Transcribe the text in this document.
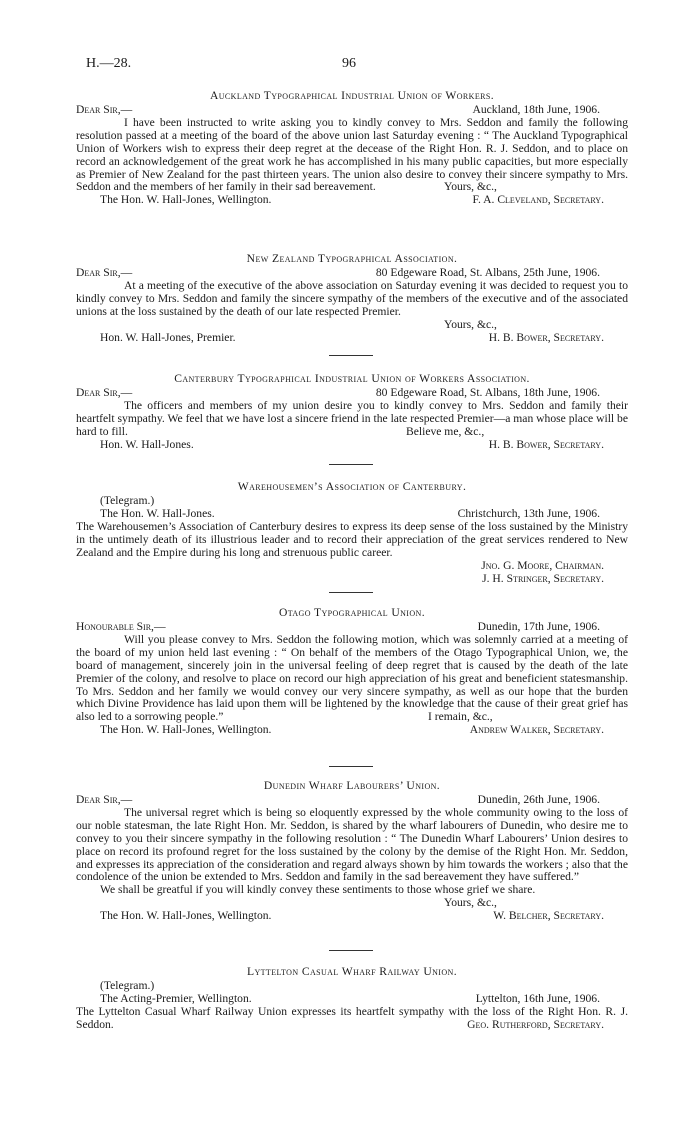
H.—28.	96
Auckland Typographical Industrial Union of Workers.
Dear Sir,—	Auckland, 18th June, 1906.
I have been instructed to write asking you to kindly convey to Mrs. Seddon and family the following resolution passed at a meeting of the board of the above union last Saturday evening : “ The Auckland Typographical Union of Workers wish to express their deep regret at the decease of the Right Hon. R. J. Seddon, and to place on record an acknowledgement of the great work he has accomplished in his many public capacities, but more especially as Premier of New Zealand for the past thirteen years. The union also desire to convey their sincere sympathy to Mrs. Seddon and the members of her family in their sad bereavement.	Yours, &c.,
The Hon. W. Hall-Jones, Wellington.	F. A. Cleveland, Secretary.
New Zealand Typographical Association.
Dear Sir,—	80 Edgeware Road, St. Albans, 25th June, 1906.
At a meeting of the executive of the above association on Saturday evening it was decided to request you to kindly convey to Mrs. Seddon and family the sincere sympathy of the members of the executive and of the associated unions at the loss sustained by the death of our late respected Premier.
Yours, &c.,
Hon. W. Hall-Jones, Premier.	H. B. Bower, Secretary.
Canterbury Typographical Industrial Union of Workers Association.
Dear Sir,—	80 Edgeware Road, St. Albans, 18th June, 1906.
The officers and members of my union desire you to kindly convey to Mrs. Seddon and family their heartfelt sympathy. We feel that we have lost a sincere friend in the late respected Premier—a man whose place will be hard to fill.	Believe me, &c.,
Hon. W. Hall-Jones.	H. B. Bower, Secretary.
Warehousemen’s Association of Canterbury.
(Telegram.)
The Hon. W. Hall-Jones.	Christchurch, 13th June, 1906.
The Warehousemen’s Association of Canterbury desires to express its deep sense of the loss sustained by the Ministry in the untimely death of its illustrious leader and to record their appreciation of the great services rendered to New Zealand and the Empire during his long and strenuous public career.
Jno. G. Moore, Chairman.
J. H. Stringer, Secretary.
Otago Typographical Union.
Honourable Sir,—	Dunedin, 17th June, 1906.
Will you please convey to Mrs. Seddon the following motion, which was solemnly carried at a meeting of the board of my union held last evening : “ On behalf of the members of the Otago Typographical Union, we, the board of management, sincerely join in the universal feeling of deep regret that is caused by the death of the late Premier of the colony, and resolve to place on record our high appreciation of his great and beneficient statesmanship. To Mrs. Seddon and her family we would convey our very sincere sympathy, as well as our hope that the burden which Divine Providence has laid upon them will be lightened by the knowledge that the cause of their great grief has also led to a sorrowing people.”	I remain, &c.,
The Hon. W. Hall-Jones, Wellington.	Andrew Walker, Secretary.
Dunedin Wharf Labourers’ Union.
Dear Sir,—	Dunedin, 26th June, 1906.
The universal regret which is being so eloquently expressed by the whole community owing to the loss of our noble statesman, the late Right Hon. Mr. Seddon, is shared by the wharf labourers of Dunedin, who desire me to convey to you their sincere sympathy in the following resolution : “ The Dunedin Wharf Labourers’ Union desires to place on record its profound regret for the loss sustained by the colony by the demise of the Right Hon. Mr. Seddon, and expresses its appreciation of the consideration and regard always shown by him towards the workers ; also that the condolence of the union be extended to Mrs. Seddon and family in the sad bereavement they have suffered.”
We shall be greatful if you will kindly convey these sentiments to those whose grief we share.
Yours, &c.,
The Hon. W. Hall-Jones, Wellington.	W. Belcher, Secretary.
Lyttelton Casual Wharf Railway Union.
(Telegram.)
The Acting-Premier, Wellington.	Lyttelton, 16th June, 1906.
The Lyttelton Casual Wharf Railway Union expresses its heartfelt sympathy with the loss of the Right Hon. R. J. Seddon.	Geo. Rutherford, Secretary.
